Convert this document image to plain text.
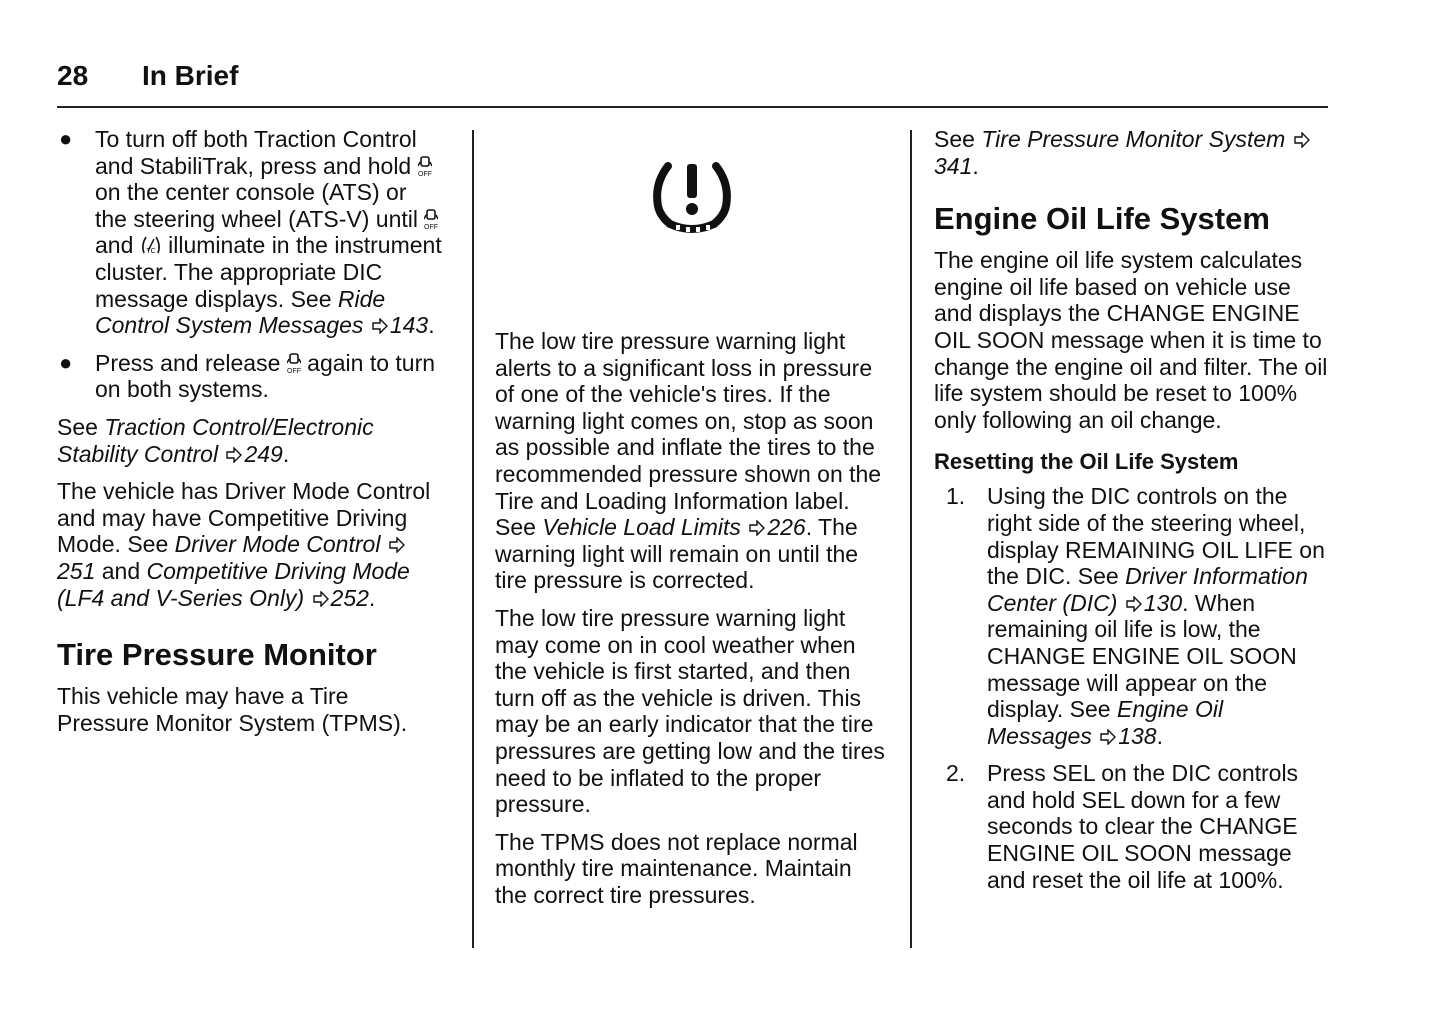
28 In Brief
● To turn off both Traction Control and StabiliTrak, press and hold OFF
on the center console (ATS) or the steering wheel (ATS-V) until OFF
and TC illuminate in the instrument cluster. The appropriate DIC message displays. See Ride Control System Messages 143.
● Press and release OFF again to turn on both systems.

See Traction Control/Electronic Stability Control 249.

The vehicle has Driver Mode Control and may have Competitive Driving Mode. See Driver Mode Control 251 and Competitive Driving Mode (LF4 and V-Series Only) 252.

Tire Pressure Monitor

This vehicle may have a Tire Pressure Monitor System (TPMS).

The low tire pressure warning light alerts to a significant loss in pressure of one of the vehicle's tires. If the warning light comes on, stop as soon as possible and inflate the tires to the recommended pressure shown on the Tire and Loading Information label. See Vehicle Load Limits 226. The warning light will remain on until the tire pressure is corrected.

The low tire pressure warning light may come on in cool weather when the vehicle is first started, and then turn off as the vehicle is driven. This may be an early indicator that the tire pressures are getting low and the tires need to be inflated to the proper pressure.

The TPMS does not replace normal monthly tire maintenance. Maintain the correct tire pressures.

See Tire Pressure Monitor System 341.

Engine Oil Life System

The engine oil life system calculates engine oil life based on vehicle use and displays the CHANGE ENGINE OIL SOON message when it is time to change the engine oil and filter. The oil life system should be reset to 100% only following an oil change.

Resetting the Oil Life System
1. Using the DIC controls on the right side of the steering wheel, display REMAINING OIL LIFE on the DIC. See Driver Information Center (DIC) 130. When remaining oil life is low, the CHANGE ENGINE OIL SOON message will appear on the display. See Engine Oil Messages 138.
2. Press SEL on the DIC controls and hold SEL down for a few seconds to clear the CHANGE ENGINE OIL SOON message and reset the oil life at 100%.
